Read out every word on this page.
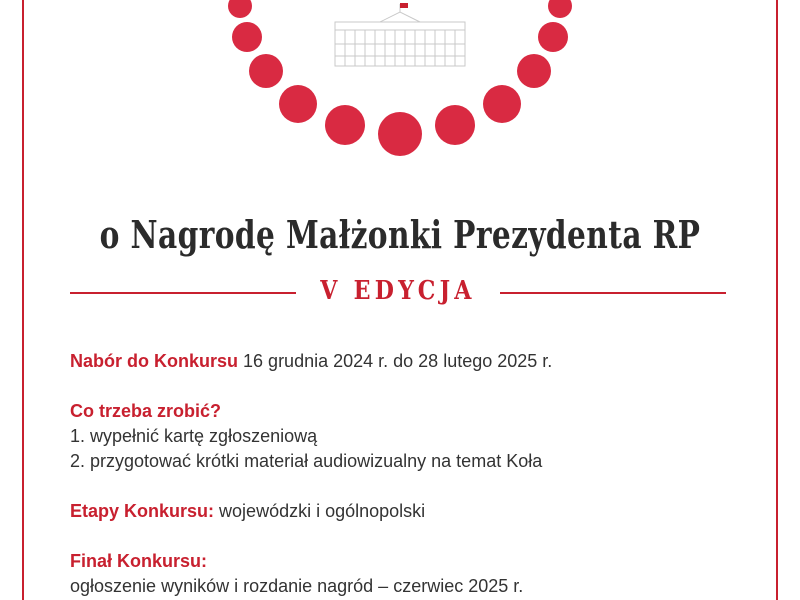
o Nagrodę Małżonki Prezydenta RP
V EDYCJA

Nabór do Konkursu 16 grudnia 2024 r. do 28 lutego 2025 r.

Co trzeba zrobić?
1. wypełnić kartę zgłoszeniową
2. przygotować krótki materiał audiowizualny na temat Koła

Etapy Konkursu: wojewódzki i ogólnopolski

Finał Konkursu:
ogłoszenie wyników i rozdanie nagród – czerwiec 2025 r.
